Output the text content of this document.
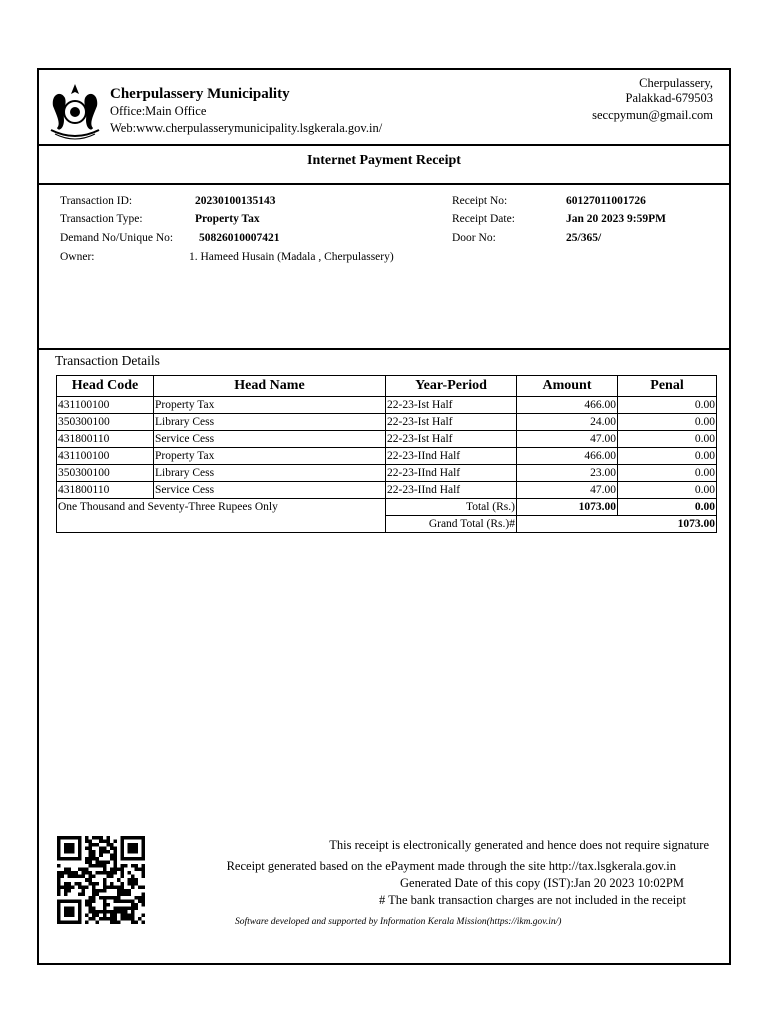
Cherpulassery Municipality
Office:Main Office
Web:www.cherpulasserymunicipality.lsgkerala.gov.in/
Cherpulassery,
Palakkad-679503
seccpymun@gmail.com
Internet Payment Receipt
Transaction ID:	20230100135143
Transaction Type:	Property Tax
Demand No/Unique No: 50826010007421
Owner:	1. Hameed Husain (Madala , Cherpulassery)
Receipt No:	60127011001726
Receipt Date:	Jan 20 2023 9:59PM
Door No:	25/365/
Transaction Details
Head Code	Head Name	Year-Period	Amount	Penal
431100100	Property Tax	22-23-Ist Half	466.00	0.00
350300100	Library Cess	22-23-Ist Half	24.00	0.00
431800110	Service Cess	22-23-Ist Half	47.00	0.00
431100100	Property Tax	22-23-IInd Half	466.00	0.00
350300100	Library Cess	22-23-IInd Half	23.00	0.00
431800110	Service Cess	22-23-IInd Half	47.00	0.00
One Thousand and Seventy-Three Rupees Only		Total (Rs.)	1073.00	0.00
		Grand Total (Rs.)#	1073.00	
This receipt is electronically generated and hence does not require signature
Receipt generated based on the ePayment made through the site http://tax.lsgkerala.gov.in
Generated Date of this copy (IST):Jan 20 2023 10:02PM
# The bank transaction charges are not included in the receipt
Software developed and supported by Information Kerala Mission(https://ikm.gov.in/)
